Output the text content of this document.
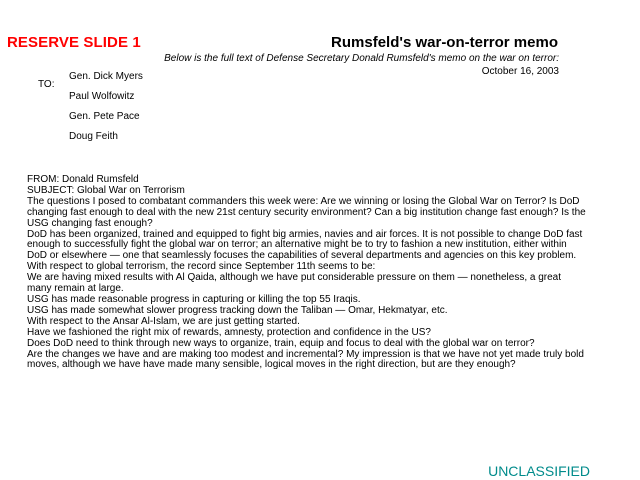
RESERVE SLIDE 1	Rumsfeld's war-on-terror memo
Below is the full text of Defense Secretary Donald Rumsfeld's memo on the war on terror:
October 16, 2003
TO:
Gen. Dick Myers
Paul Wolfowitz
Gen. Pete Pace
Doug Feith

FROM: Donald Rumsfeld

SUBJECT: Global War on Terrorism

The questions I posed to combatant commanders this week were: Are we winning or losing the Global War on Terror? Is DoD changing fast enough to deal with the new 21st century security environment? Can a big institution change fast enough? Is the USG changing fast enough?

DoD has been organized, trained and equipped to fight big armies, navies and air forces. It is not possible to change DoD fast enough to successfully fight the global war on terror; an alternative might be to try to fashion a new institution, either within DoD or elsewhere — one that seamlessly focuses the capabilities of several departments and agencies on this key problem.

With respect to global terrorism, the record since September 11th seems to be:

We are having mixed results with Al Qaida, although we have put considerable pressure on them — nonetheless, a great many remain at large.

USG has made reasonable progress in capturing or killing the top 55 Iraqis.

USG has made somewhat slower progress tracking down the Taliban — Omar, Hekmatyar, etc.

With respect to the Ansar Al-Islam, we are just getting started.

Have we fashioned the right mix of rewards, amnesty, protection and confidence in the US?

Does DoD need to think through new ways to organize, train, equip and focus to deal with the global war on terror?

Are the changes we have and are making too modest and incremental? My impression is that we have not yet made truly bold moves, although we have have made many sensible, logical moves in the right direction, but are they enough?

UNCLASSIFIED
